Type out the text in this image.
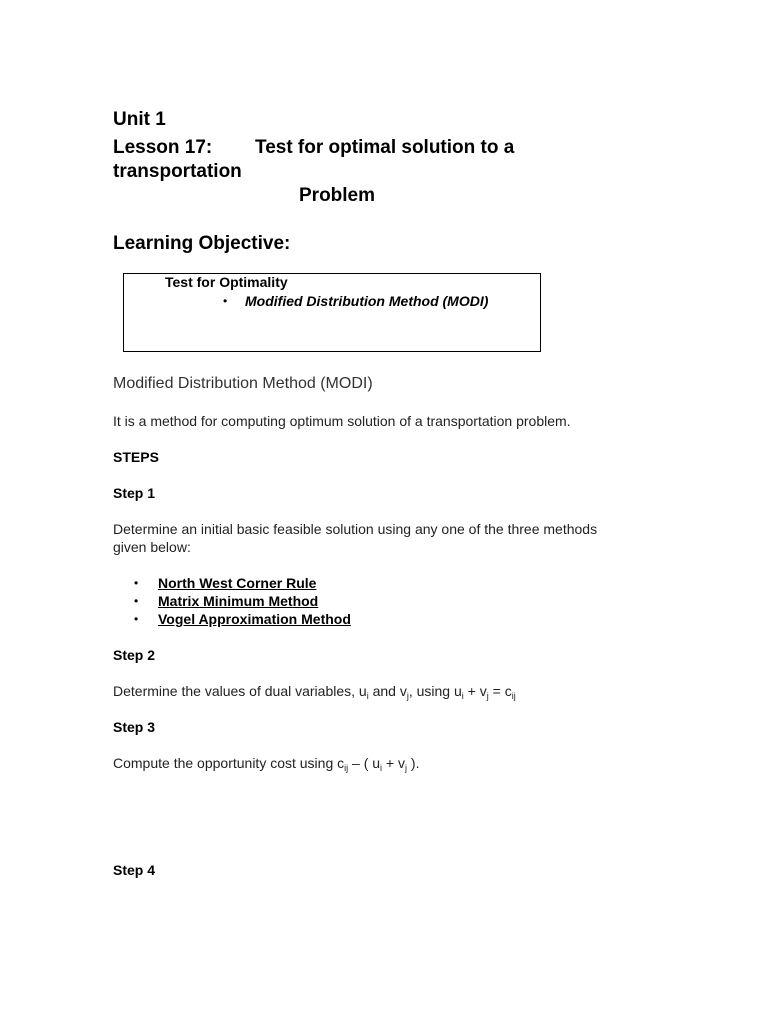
Unit 1
Lesson 17: Test for optimal solution to a
transportation
Problem
Learning Objective:
Test for Optimality
• Modified Distribution Method (MODI)
Modified Distribution Method (MODI)
It is a method for computing optimum solution of a transportation problem.
STEPS
Step 1
Determine an initial basic feasible solution using any one of the three methods
given below:
• North West Corner Rule
• Matrix Minimum Method
• Vogel Approximation Method
Step 2
Determine the values of dual variables, $u_i$ and $v_j$, using $u_i + v_j = c_{ij}$
Step 3
Compute the opportunity cost using $c_{ij}$ – ( $u_i + v_j$ ).
Step 4
